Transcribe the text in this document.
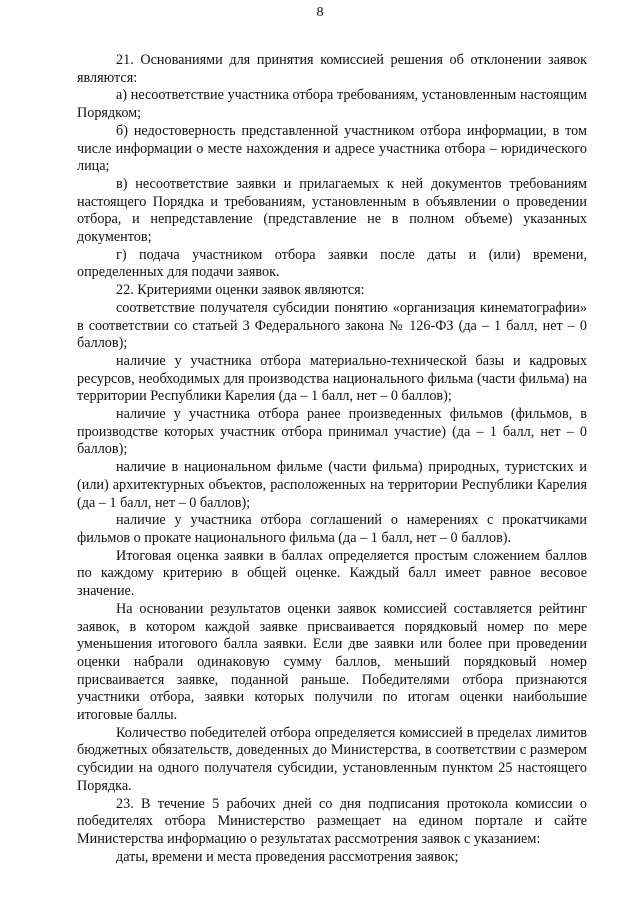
8

21. Основаниями для принятия комиссией решения об отклонении заявок являются:

а) несоответствие участника отбора требованиям, установленным настоящим Порядком;

б) недостоверность представленной участником отбора информации, в том числе информации о месте нахождения и адресе участника отбора – юридического лица;

в) несоответствие заявки и прилагаемых к ней документов требованиям настоящего Порядка и требованиям, установленным в объявлении о проведении отбора, и непредставление (представление не в полном объеме) указанных документов;

г) подача участником отбора заявки после даты и (или) времени, определенных для подачи заявок.

22. Критериями оценки заявок являются:

соответствие получателя субсидии понятию «организация кинематографии» в соответствии со статьей 3 Федерального закона № 126-ФЗ (да – 1 балл, нет – 0 баллов);

наличие у участника отбора материально-технической базы и кадровых ресурсов, необходимых для производства национального фильма (части фильма) на территории Республики Карелия (да – 1 балл, нет – 0 баллов);

наличие у участника отбора ранее произведенных фильмов (фильмов, в производстве которых участник отбора принимал участие) (да – 1 балл, нет – 0 баллов);

наличие в национальном фильме (части фильма) природных, туристских и (или) архитектурных объектов, расположенных на территории Республики Карелия (да – 1 балл, нет – 0 баллов);

наличие у участника отбора соглашений о намерениях с прокатчиками фильмов о прокате национального фильма (да – 1 балл, нет – 0 баллов).

Итоговая оценка заявки в баллах определяется простым сложением баллов по каждому критерию в общей оценке. Каждый балл имеет равное весовое значение.

На основании результатов оценки заявок комиссией составляется рейтинг заявок, в котором каждой заявке присваивается порядковый номер по мере уменьшения итогового балла заявки. Если две заявки или более при проведении оценки набрали одинаковую сумму баллов, меньший порядковый номер присваивается заявке, поданной раньше. Победителями отбора признаются участники отбора, заявки которых получили по итогам оценки наибольшие итоговые баллы.

Количество победителей отбора определяется комиссией в пределах лимитов бюджетных обязательств, доведенных до Министерства, в соответствии с размером субсидии на одного получателя субсидии, установленным пунктом 25 настоящего Порядка.

23. В течение 5 рабочих дней со дня подписания протокола комиссии о победителях отбора Министерство размещает на едином портале и сайте Министерства информацию о результатах рассмотрения заявок с указанием:

даты, времени и места проведения рассмотрения заявок;
